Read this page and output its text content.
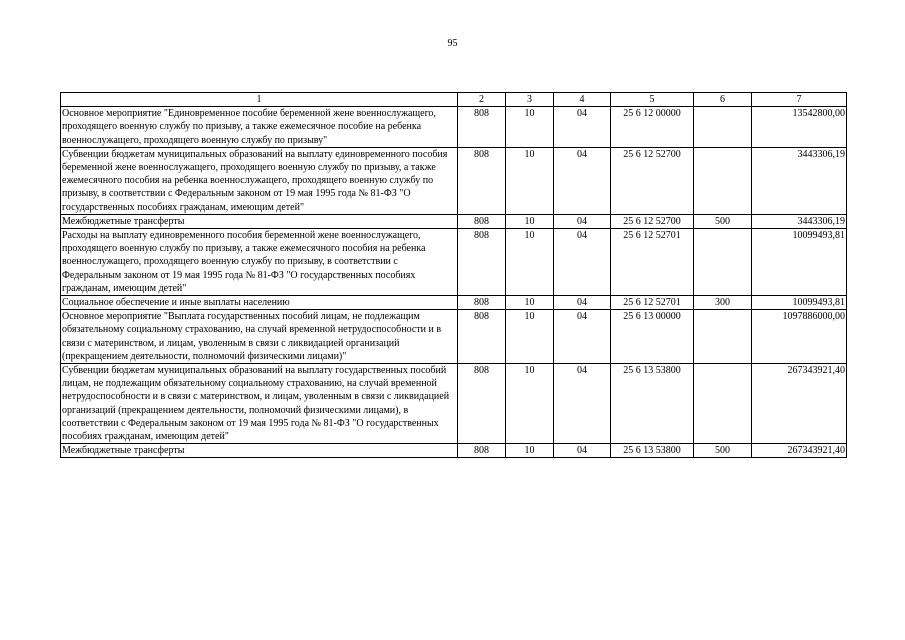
95
1	2	3	4	5	6	7
Основное мероприятие "Единовременное пособие беременной жене военнослужащего, проходящего военную службу по призыву, а также ежемесячное пособие на ребенка военнослужащего, проходящего военную службу по призыву"	808	10	04	25 6 12 00000		13542800,00
Субвенции бюджетам муниципальных образований на выплату единовременного пособия беременной жене военнослужащего, проходящего военную службу по призыву, а также ежемесячного пособия на ребенка военнослужащего, проходящего военную службу по призыву, в соответствии с Федеральным законом от 19 мая 1995 года № 81-ФЗ "О государственных пособиях гражданам, имеющим детей"	808	10	04	25 6 12 52700		3443306,19
Межбюджетные трансферты	808	10	04	25 6 12 52700	500	3443306,19
Расходы на выплату единовременного пособия беременной жене военнослужащего, проходящего военную службу по призыву, а также ежемесячного пособия на ребенка военнослужащего, проходящего военную службу по призыву, в соответствии с Федеральным законом от 19 мая 1995 года № 81-ФЗ "О государственных пособиях гражданам, имеющим детей"	808	10	04	25 6 12 52701		10099493,81
Социальное обеспечение и иные выплаты населению	808	10	04	25 6 12 52701	300	10099493,81
Основное мероприятие "Выплата государственных пособий лицам, не подлежащим обязательному социальному страхованию, на случай временной нетрудоспособности и в связи с материнством, и лицам, уволенным в связи с ликвидацией организаций (прекращением деятельности, полномочий физическими лицами)"	808	10	04	25 6 13 00000		1097886000,00
Субвенции бюджетам муниципальных образований на выплату государственных пособий лицам, не подлежащим обязательному социальному страхованию, на случай временной нетрудоспособности и в связи с материнством, и лицам, уволенным в связи с ликвидацией организаций (прекращением деятельности, полномочий физическими лицами), в соответствии с Федеральным законом от 19 мая 1995 года № 81-ФЗ "О государственных пособиях гражданам, имеющим детей"	808	10	04	25 6 13 53800		267343921,40
Межбюджетные трансферты	808	10	04	25 6 13 53800	500	267343921,40
